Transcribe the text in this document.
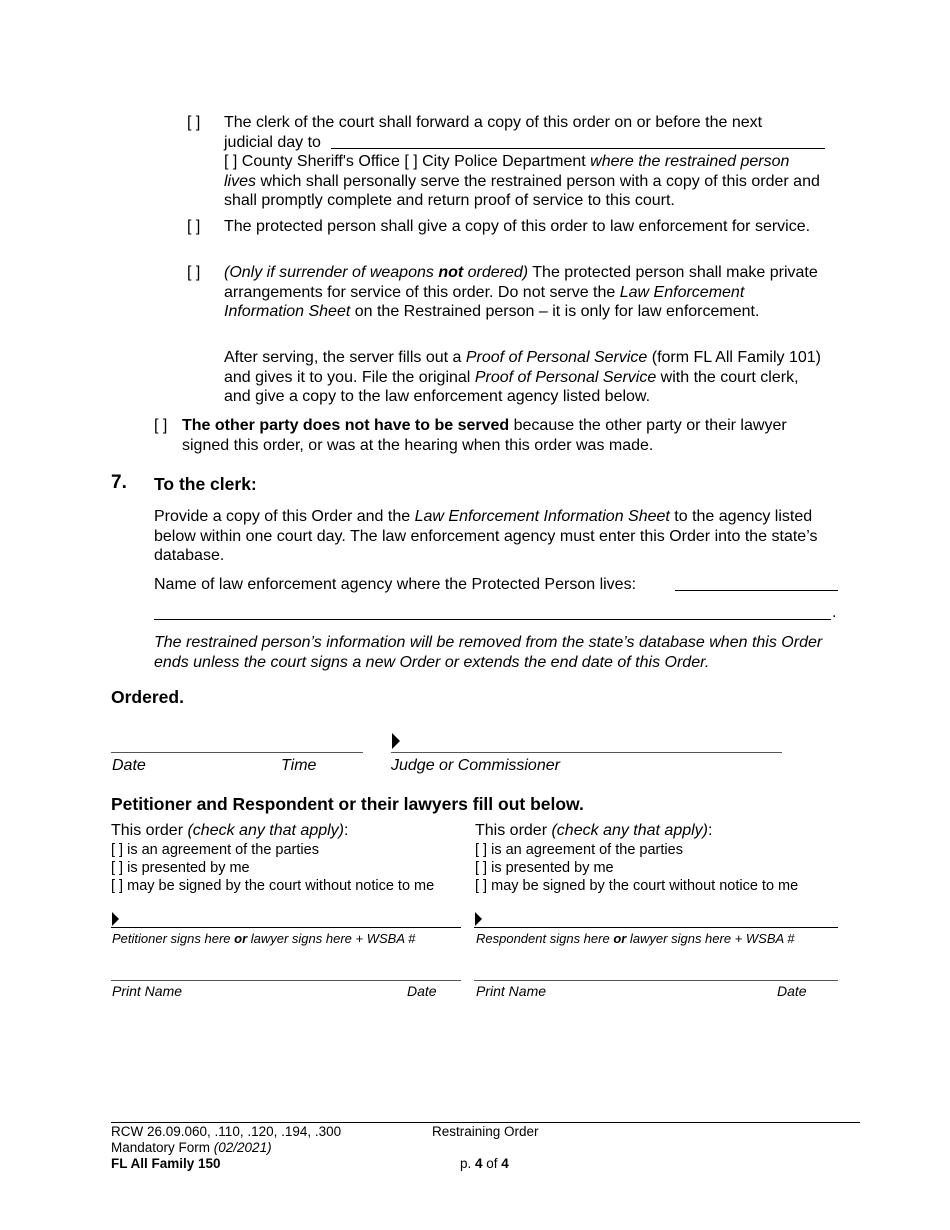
[ ] The clerk of the court shall forward a copy of this order on or before the next
judicial day to
[ ] County Sheriff's Office [ ] City Police Department where the restrained person lives which shall personally serve the restrained person with a copy of this order and shall promptly complete and return proof of service to this court.
[ ] The protected person shall give a copy of this order to law enforcement for service.
[ ] (Only if surrender of weapons not ordered) The protected person shall make private arrangements for service of this order. Do not serve the Law Enforcement Information Sheet on the Restrained person – it is only for law enforcement.
After serving, the server fills out a Proof of Personal Service (form FL All Family 101) and gives it to you. File the original Proof of Personal Service with the court clerk, and give a copy to the law enforcement agency listed below.
[ ] The other party does not have to be served because the other party or their lawyer signed this order, or was at the hearing when this order was made.
7. To the clerk:
Provide a copy of this Order and the Law Enforcement Information Sheet to the agency listed below within one court day. The law enforcement agency must enter this Order into the state’s database.
Name of law enforcement agency where the Protected Person lives:
.
The restrained person’s information will be removed from the state’s database when this Order ends unless the court signs a new Order or extends the end date of this Order.
Ordered.
Date	Time	Judge or Commissioner
Petitioner and Respondent or their lawyers fill out below.
This order (check any that apply):
[ ] is an agreement of the parties
[ ] is presented by me
[ ] may be signed by the court without notice to me
Petitioner signs here or lawyer signs here + WSBA #
Print Name	Date
This order (check any that apply):
[ ] is an agreement of the parties
[ ] is presented by me
[ ] may be signed by the court without notice to me
Respondent signs here or lawyer signs here + WSBA #
Print Name	Date
RCW 26.09.060, .110, .120, .194, .300
Mandatory Form (02/2021)
FL All Family 150
Restraining Order
p. 4 of 4
